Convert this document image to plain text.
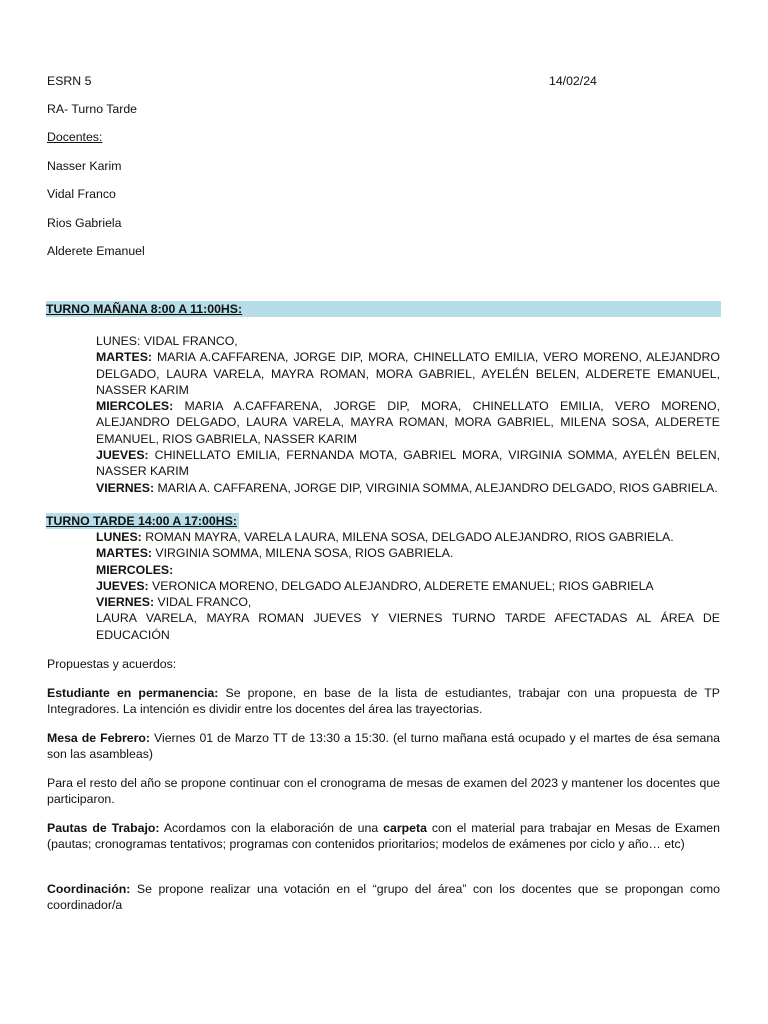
ESRN 5	14/02/24
RA- Turno Tarde
Docentes:
Nasser Karim
Vidal Franco
Rios Gabriela
Alderete Emanuel
TURNO MAÑANA 8:00 A 11:00HS:

LUNES: VIDAL FRANCO,

MARTES: MARIA A.CAFFARENA, JORGE DIP, MORA, CHINELLATO EMILIA, VERO MORENO, ALEJANDRO DELGADO, LAURA VARELA, MAYRA ROMAN, MORA GABRIEL, AYELÉN BELEN, ALDERETE EMANUEL, NASSER KARIM

MIERCOLES: MARIA A.CAFFARENA, JORGE DIP, MORA, CHINELLATO EMILIA, VERO MORENO, ALEJANDRO DELGADO, LAURA VARELA, MAYRA ROMAN, MORA GABRIEL, MILENA SOSA, ALDERETE EMANUEL, RIOS GABRIELA, NASSER KARIM

JUEVES: CHINELLATO EMILIA, FERNANDA MOTA, GABRIEL MORA, VIRGINIA SOMMA, AYELÉN BELEN, NASSER KARIM

VIERNES: MARIA A. CAFFARENA, JORGE DIP, VIRGINIA SOMMA, ALEJANDRO DELGADO, RIOS GABRIELA.

TURNO TARDE 14:00 A 17:00HS:

LUNES: ROMAN MAYRA, VARELA LAURA, MILENA SOSA, DELGADO ALEJANDRO, RIOS GABRIELA.

MARTES: VIRGINIA SOMMA, MILENA SOSA, RIOS GABRIELA.

MIERCOLES:

JUEVES: VERONICA MORENO, DELGADO ALEJANDRO, ALDERETE EMANUEL; RIOS GABRIELA

VIERNES: VIDAL FRANCO,

LAURA VARELA, MAYRA ROMAN JUEVES Y VIERNES TURNO TARDE AFECTADAS AL ÁREA DE EDUCACIÓN

Propuestas y acuerdos:

Estudiante en permanencia: Se propone, en base de la lista de estudiantes, trabajar con una propuesta de TP Integradores. La intención es dividir entre los docentes del área las trayectorias.

Mesa de Febrero: Viernes 01 de Marzo TT de 13:30 a 15:30. (el turno mañana está ocupado y el martes de ésa semana son las asambleas)

Para el resto del año se propone continuar con el cronograma de mesas de examen del 2023 y mantener los docentes que participaron.

Pautas de Trabajo: Acordamos con la elaboración de una carpeta con el material para trabajar en Mesas de Examen (pautas; cronogramas tentativos; programas con contenidos prioritarios; modelos de exámenes por ciclo y año… etc)

Coordinación: Se propone realizar una votación en el “grupo del área” con los docentes que se propongan como coordinador/a
